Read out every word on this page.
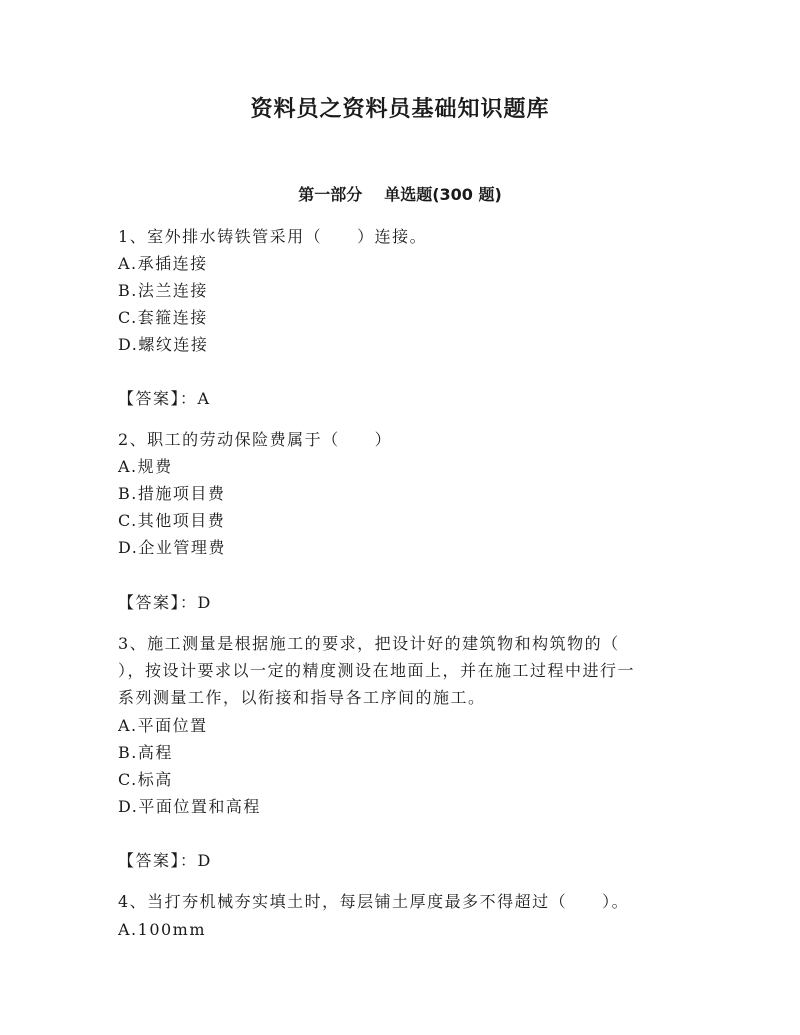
资料员之资料员基础知识题库
第一部分 单选题(300 题)
1、室外排水铸铁管采用（　　）连接。
A.承插连接
B.法兰连接
C.套箍连接
D.螺纹连接
【答案】：A
2、职工的劳动保险费属于（　　）
A.规费
B.措施项目费
C.其他项目费
D.企业管理费
【答案】：D
3、施工测量是根据施工的要求，把设计好的建筑物和构筑物的（
），按设计要求以一定的精度测设在地面上，并在施工过程中进行一
系列测量工作，以衔接和指导各工序间的施工。
A.平面位置
B.高程
C.标高
D.平面位置和高程
【答案】：D
4、当打夯机械夯实填土时，每层铺土厚度最多不得超过（　　）。
A.100mm
